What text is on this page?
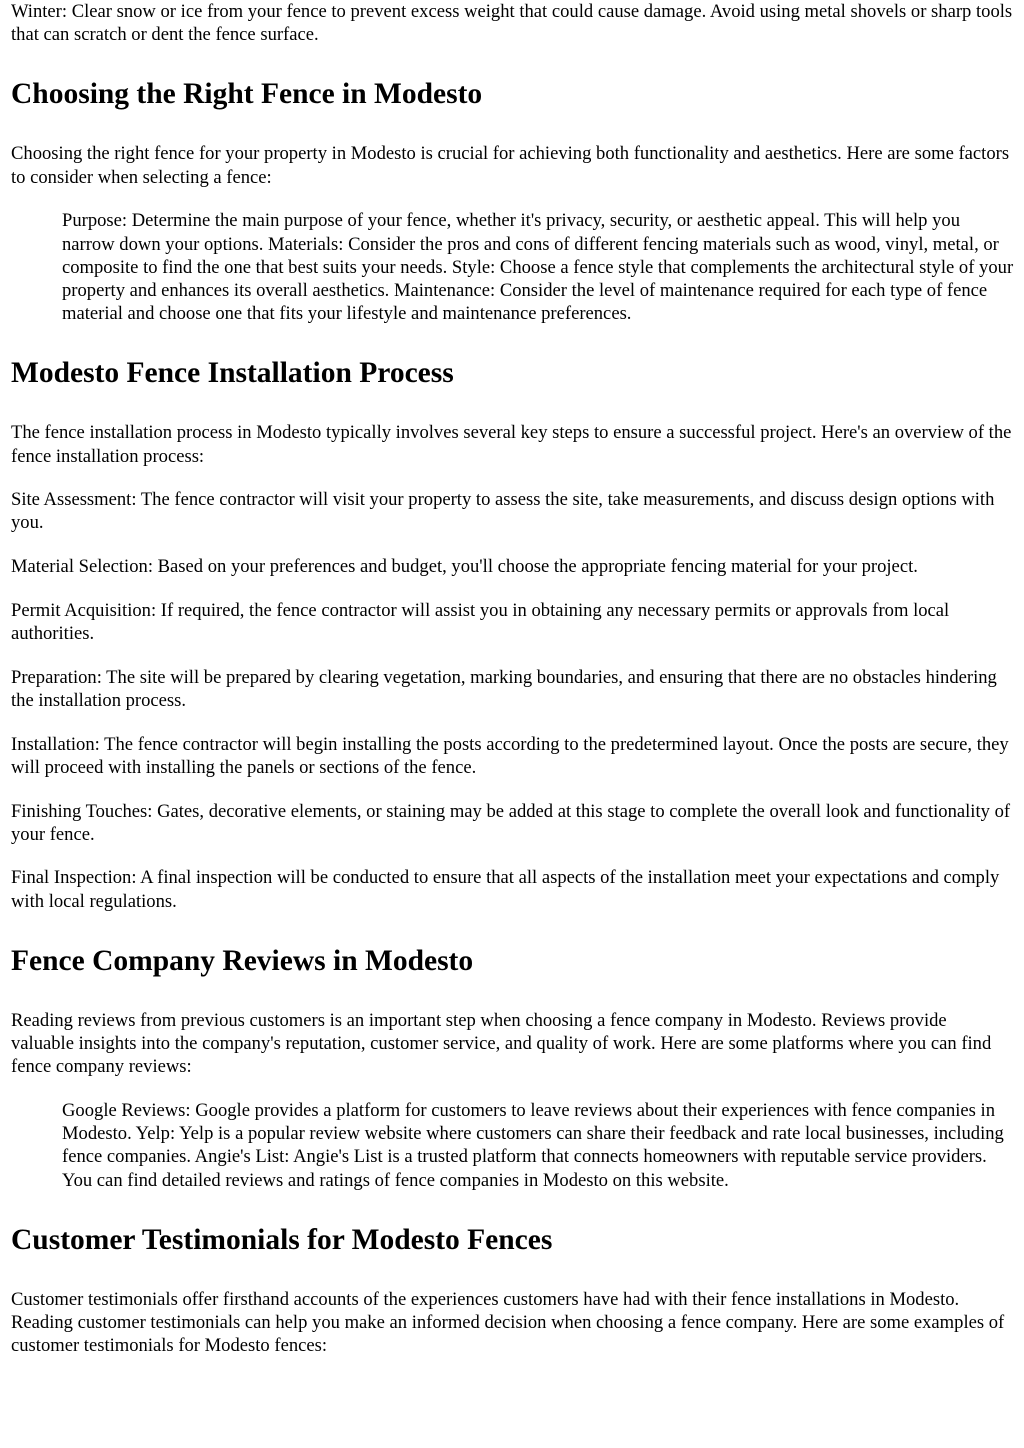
Winter: Clear snow or ice from your fence to prevent excess weight that could cause damage. Avoid using metal shovels or sharp tools that can scratch or dent the fence surface.

Choosing the Right Fence in Modesto

Choosing the right fence for your property in Modesto is crucial for achieving both functionality and aesthetics. Here are some factors to consider when selecting a fence:

Purpose: Determine the main purpose of your fence, whether it's privacy, security, or aesthetic appeal. This will help you narrow down your options. Materials: Consider the pros and cons of different fencing materials such as wood, vinyl, metal, or composite to find the one that best suits your needs. Style: Choose a fence style that complements the architectural style of your property and enhances its overall aesthetics. Maintenance: Consider the level of maintenance required for each type of fence material and choose one that fits your lifestyle and maintenance preferences.
Modesto Fence Installation Process

The fence installation process in Modesto typically involves several key steps to ensure a successful project. Here's an overview of the fence installation process:

Site Assessment: The fence contractor will visit your property to assess the site, take measurements, and discuss design options with you.

Material Selection: Based on your preferences and budget, you'll choose the appropriate fencing material for your project.

Permit Acquisition: If required, the fence contractor will assist you in obtaining any necessary permits or approvals from local authorities.

Preparation: The site will be prepared by clearing vegetation, marking boundaries, and ensuring that there are no obstacles hindering the installation process.

Installation: The fence contractor will begin installing the posts according to the predetermined layout. Once the posts are secure, they will proceed with installing the panels or sections of the fence.

Finishing Touches: Gates, decorative elements, or staining may be added at this stage to complete the overall look and functionality of your fence.

Final Inspection: A final inspection will be conducted to ensure that all aspects of the installation meet your expectations and comply with local regulations.

Fence Company Reviews in Modesto

Reading reviews from previous customers is an important step when choosing a fence company in Modesto. Reviews provide valuable insights into the company's reputation, customer service, and quality of work. Here are some platforms where you can find fence company reviews:

Google Reviews: Google provides a platform for customers to leave reviews about their experiences with fence companies in Modesto. Yelp: Yelp is a popular review website where customers can share their feedback and rate local businesses, including fence companies. Angie's List: Angie's List is a trusted platform that connects homeowners with reputable service providers. You can find detailed reviews and ratings of fence companies in Modesto on this website.
Customer Testimonials for Modesto Fences

Customer testimonials offer firsthand accounts of the experiences customers have had with their fence installations in Modesto. Reading customer testimonials can help you make an informed decision when choosing a fence company. Here are some examples of customer testimonials for Modesto fences:
